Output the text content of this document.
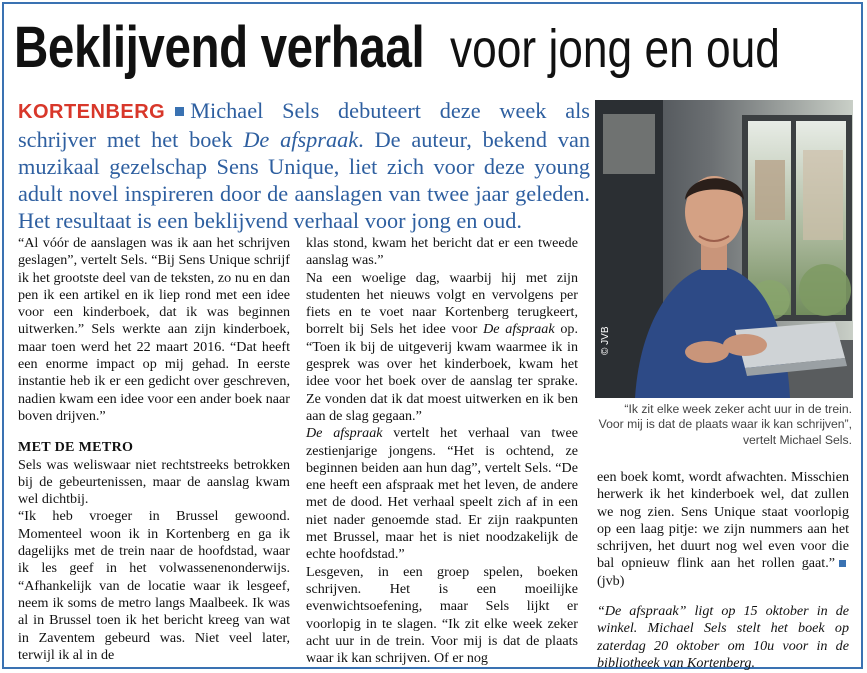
Beklijvend verhaal voor jong en oud

KORTENBERG Michael Sels debuteert deze week als schrijver met het boek De afspraak. De auteur, bekend van muzikaal gezelschap Sens Unique, liet zich voor deze young adult novel inspireren door de aanslagen van twee jaar geleden. Het resultaat is een beklijvend verhaal voor jong en oud.

“Al vóór de aanslagen was ik aan het schrijven geslagen”, vertelt Sels. “Bij Sens Unique schrijf ik het grootste deel van de teksten, zo nu en dan pen ik een artikel en ik liep rond met een idee voor een kinderboek, dat ik was beginnen uitwerken.” Sels werkte aan zijn kinderboek, maar toen werd het 22 maart 2016. “Dat heeft een enorme impact op mij gehad. In eerste instantie heb ik er een gedicht over geschreven, nadien kwam een idee voor een ander boek naar boven drijven.”

MET DE METRO

Sels was weliswaar niet rechtstreeks betrokken bij de gebeurtenissen, maar de aanslag kwam wel dichtbij.

“Ik heb vroeger in Brussel gewoond. Momenteel woon ik in Kortenberg en ga ik dagelijks met de trein naar de hoofdstad, waar ik les geef in het volwassenenonderwijs. “Afhankelijk van de locatie waar ik lesgeef, neem ik soms de metro langs Maalbeek. Ik was al in Brussel toen ik het bericht kreeg van wat in Zaventem gebeurd was. Niet veel later, terwijl ik al in de

klas stond, kwam het bericht dat er een tweede aanslag was.”

Na een woelige dag, waarbij hij met zijn studenten het nieuws volgt en vervolgens per fiets en te voet naar Kortenberg terugkeert, borrelt bij Sels het idee voor De afspraak op. “Toen ik bij de uitgeverij kwam waarmee ik in gesprek was over het kinderboek, kwam het idee voor het boek over de aanslag ter sprake. Ze vonden dat ik dat moest uitwerken en ik ben aan de slag gegaan.”

De afspraak vertelt het verhaal van twee zestienjarige jongens. “Het is ochtend, ze beginnen beiden aan hun dag”, vertelt Sels. “De ene heeft een afspraak met het leven, de andere met de dood. Het verhaal speelt zich af in een niet nader genoemde stad. Er zijn raakpunten met Brussel, maar het is niet noodzakelijk de echte hoofdstad.”

Lesgeven, in een groep spelen, boeken schrijven. Het is een moeilijke evenwichtsoefening, maar Sels lijkt er voorlopig in te slagen. “Ik zit elke week zeker acht uur in de trein. Voor mij is dat de plaats waar ik kan schrijven. Of er nog

een boek komt, wordt afwachten. Misschien herwerk ik het kinderboek wel, dat zullen we nog zien. Sens Unique staat voorlopig op een laag pitje: we zijn nummers aan het schrijven, het duurt nog wel even voor die bal opnieuw flink aan het rollen gaat.”(jvb)

“De afspraak” ligt op 15 oktober in de winkel. Michael Sels stelt het boek op zaterdag 20 oktober om 10u voor in de bibliotheek van Kortenberg.

© JVB
“Ik zit elke week zeker acht uur in de trein. Voor mij is dat de plaats waar ik kan schrijven”, vertelt Michael Sels.
